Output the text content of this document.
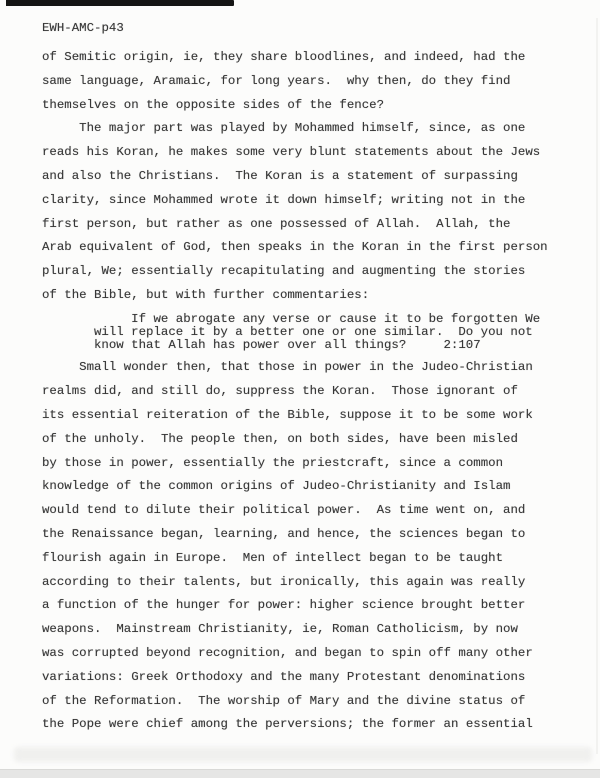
EWH-AMC-p43
of Semitic origin, ie, they share bloodlines, and indeed, had the
same language, Aramaic, for long years.  why then, do they find
themselves on the opposite sides of the fence?
The major part was played by Mohammed himself, since, as one
reads his Koran, he makes some very blunt statements about the Jews
and also the Christians.  The Koran is a statement of surpassing
clarity, since Mohammed wrote it down himself; writing not in the
first person, but rather as one possessed of Allah.  Allah, the
Arab equivalent of God, then speaks in the Koran in the first person
plural, We; essentially recapitulating and augmenting the stories
of the Bible, but with further commentaries:
If we abrogate any verse or cause it to be forgotten We
will replace it by a better one or one similar.  Do you not
know that Allah has power over all things?     2:107
Small wonder then, that those in power in the Judeo-Christian
realms did, and still do, suppress the Koran.  Those ignorant of
its essential reiteration of the Bible, suppose it to be some work
of the unholy.  The people then, on both sides, have been misled
by those in power, essentially the priestcraft, since a common
knowledge of the common origins of Judeo-Christianity and Islam
would tend to dilute their political power.  As time went on, and
the Renaissance began, learning, and hence, the sciences began to
flourish again in Europe.  Men of intellect began to be taught
according to their talents, but ironically, this again was really
a function of the hunger for power: higher science brought better
weapons.  Mainstream Christianity, ie, Roman Catholicism, by now
was corrupted beyond recognition, and began to spin off many other
variations: Greek Orthodoxy and the many Protestant denominations
of the Reformation.  The worship of Mary and the divine status of
the Pope were chief among the perversions; the former an essential
